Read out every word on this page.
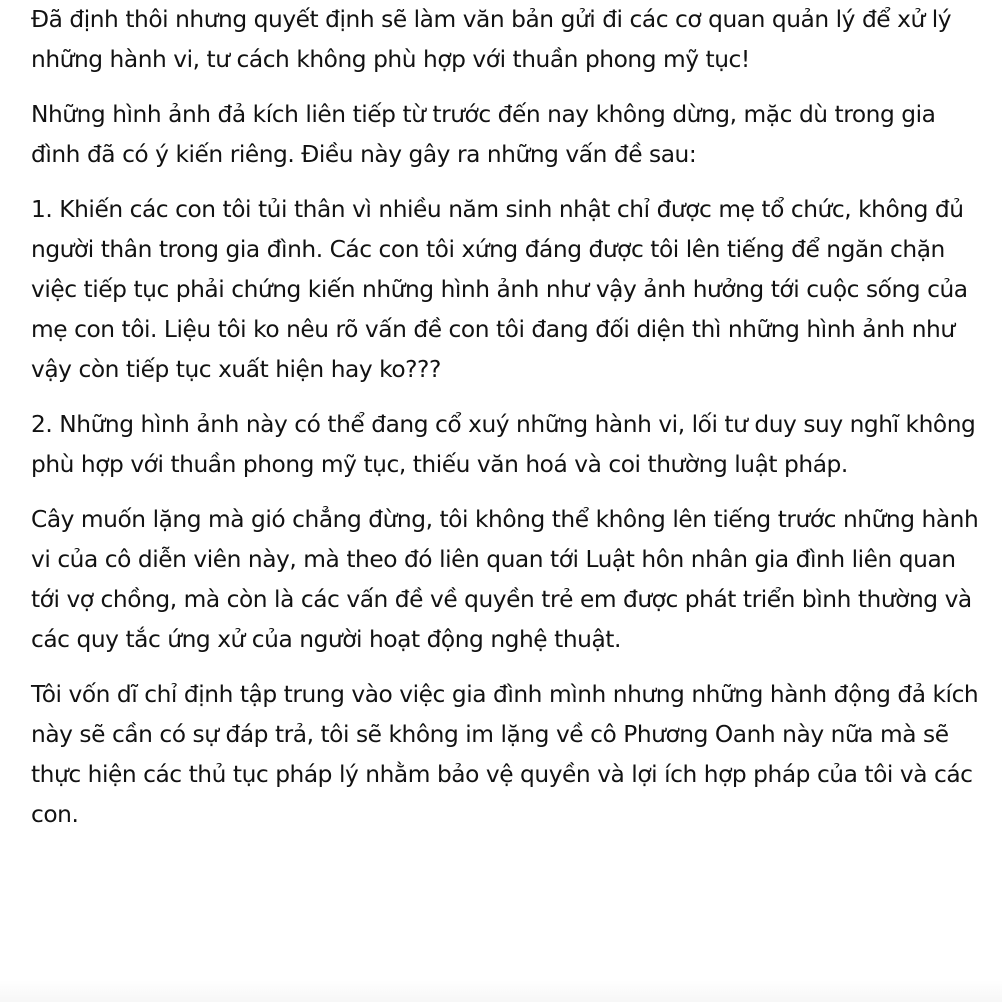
Đã định thôi nhưng quyết định sẽ làm văn bản gửi đi các cơ quan quản lý để xử lý những hành vi, tư cách không phù hợp với thuần phong mỹ tục!

Những hình ảnh đả kích liên tiếp từ trước đến nay không dừng, mặc dù trong gia đình đã có ý kiến riêng. Điều này gây ra những vấn đề sau:

1. Khiến các con tôi tủi thân vì nhiều năm sinh nhật chỉ được mẹ tổ chức, không đủ người thân trong gia đình. Các con tôi xứng đáng được tôi lên tiếng để ngăn chặn việc tiếp tục phải chứng kiến những hình ảnh như vậy ảnh hưởng tới cuộc sống của mẹ con tôi. Liệu tôi ko nêu rõ vấn đề con tôi đang đối diện thì những hình ảnh như vậy còn tiếp tục xuất hiện hay ko???

2. Những hình ảnh này có thể đang cổ xuý những hành vi, lối tư duy suy nghĩ không phù hợp với thuần phong mỹ tục, thiếu văn hoá và coi thường luật pháp.

Cây muốn lặng mà gió chẳng đừng, tôi không thể không lên tiếng trước những hành vi của cô diễn viên này, mà theo đó liên quan tới Luật hôn nhân gia đình liên quan tới vợ chồng, mà còn là các vấn đề về quyền trẻ em được phát triển bình thường và các quy tắc ứng xử của người hoạt động nghệ thuật.

Tôi vốn dĩ chỉ định tập trung vào việc gia đình mình nhưng những hành động đả kích này sẽ cần có sự đáp trả, tôi sẽ không im lặng về cô Phương Oanh này nữa mà sẽ thực hiện các thủ tục pháp lý nhằm bảo vệ quyền và lợi ích hợp pháp của tôi và các con.
